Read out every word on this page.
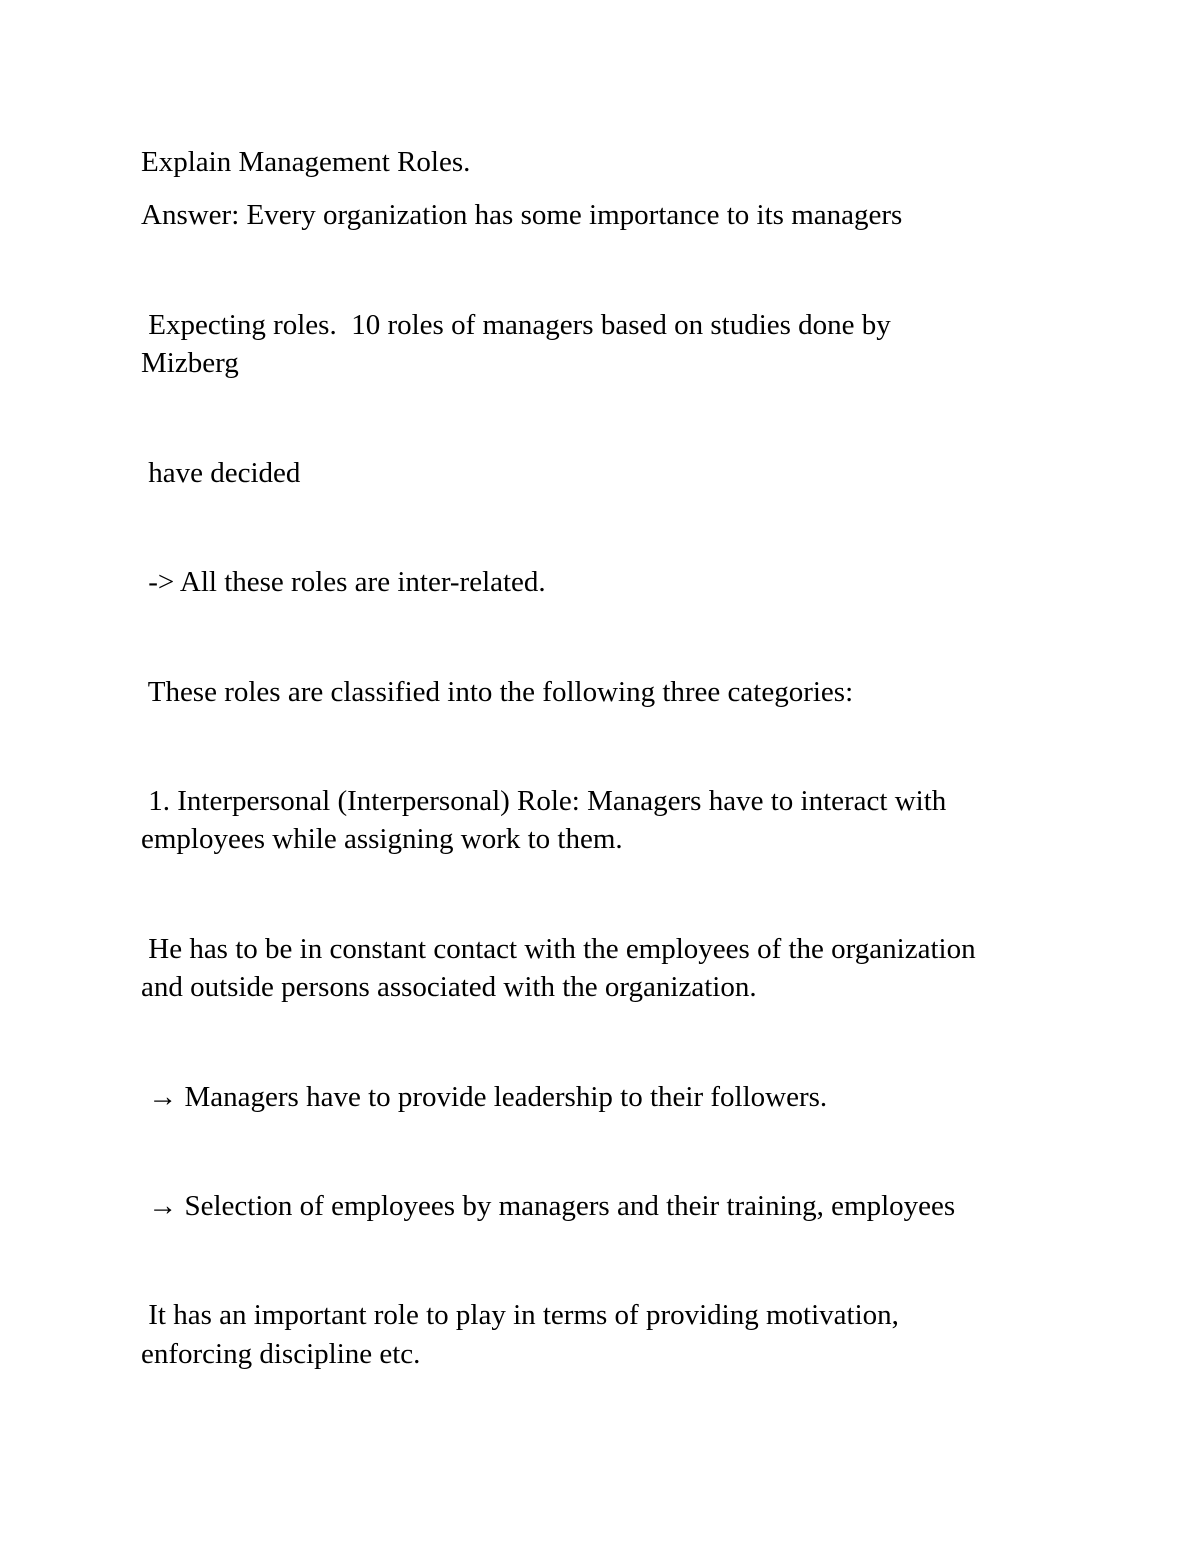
Explain Management Roles.

Answer: Every organization has some importance to its managers

Expecting roles.  10 roles of managers based on studies done by

Mizberg

have decided

-> All these roles are inter-related.

These roles are classified into the following three categories:

1. Interpersonal (Interpersonal) Role: Managers have to interact with

employees while assigning work to them.

He has to be in constant contact with the employees of the organization

and outside persons associated with the organization.

→ Managers have to provide leadership to their followers.

→ Selection of employees by managers and their training, employees

It has an important role to play in terms of providing motivation,

enforcing discipline etc.
